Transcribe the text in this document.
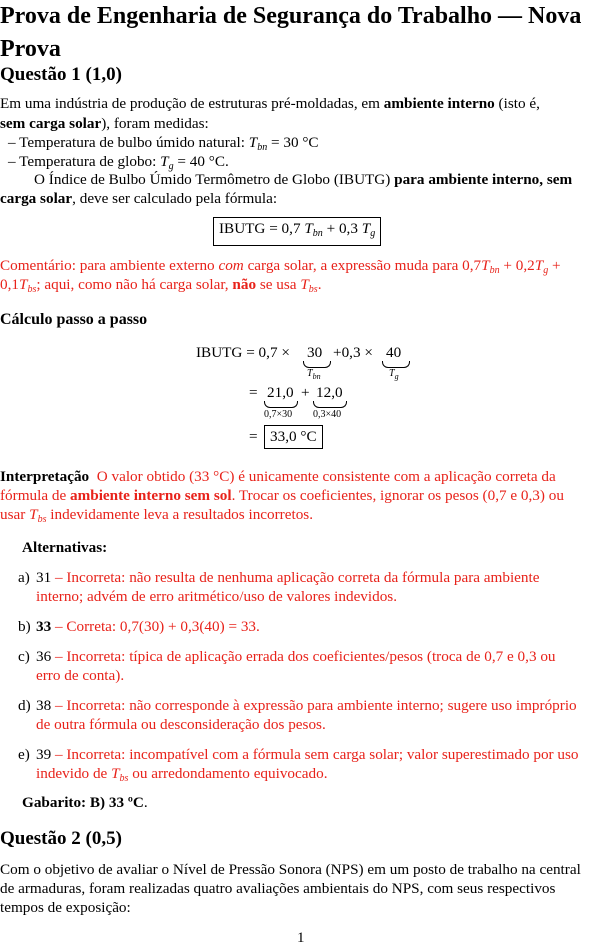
Prova de Engenharia de Segurança do Trabalho — Nova
Prova
Questão 1 (1,0)
Em uma indústria de produção de estruturas pré-moldadas, em ambiente interno (isto é,
sem carga solar), foram medidas:
– Temperatura de bulbo úmido natural: $T_{bn} = 30$ °C
– Temperatura de globo: $T_g = 40$ °C.
O Índice de Bulbo Úmido Termômetro de Globo (IBUTG) para ambiente interno, sem
carga solar, deve ser calculado pela fórmula:
IBUTG = 0,7 $T_{bn} + 0,3$ $T_g$
Comentário: para ambiente externo com carga solar, a expressão muda para $0,7T_{bn} + 0,2T_g$ +
$0,1T_{bs}$; aqui, como não há carga solar, não se usa $T_{bs}$.
Cálculo passo a passo
IBUTG = 0,7 × 30
$T_{bn}$
+0,3 × 40
$T_g$
= 21,0
0,7×30
+ 12,0
0,3×40
= 33,0 °C
Interpretação O valor obtido (33 °C) é unicamente consistente com a aplicação correta da
fórmula de ambiente interno sem sol. Trocar os coeficientes, ignorar os pesos (0,7 e 0,3) ou
usar $T_{bs}$ indevidamente leva a resultados incorretos.
Alternativas:
a) 31 – Incorreta: não resulta de nenhuma aplicação correta da fórmula para ambiente
interno; advém de erro aritmético/uso de valores indevidos.
b) 33 – Correta: 0,7(30) + 0,3(40) = 33.
c) 36 – Incorreta: típica de aplicação errada dos coeficientes/pesos (troca de 0,7 e 0,3 ou
erro de conta).
d) 38 – Incorreta: não corresponde à expressão para ambiente interno; sugere uso impróprio
de outra fórmula ou desconsideração dos pesos.
e) 39 – Incorreta: incompatível com a fórmula sem carga solar; valor superestimado por uso
indevido de $T_{bs}$ ou arredondamento equivocado.
Gabarito: B) 33 ºC.
Questão 2 (0,5)
Com o objetivo de avaliar o Nível de Pressão Sonora (NPS) em um posto de trabalho na central
de armaduras, foram realizadas quatro avaliações ambientais do NPS, com seus respectivos
tempos de exposição:
1
